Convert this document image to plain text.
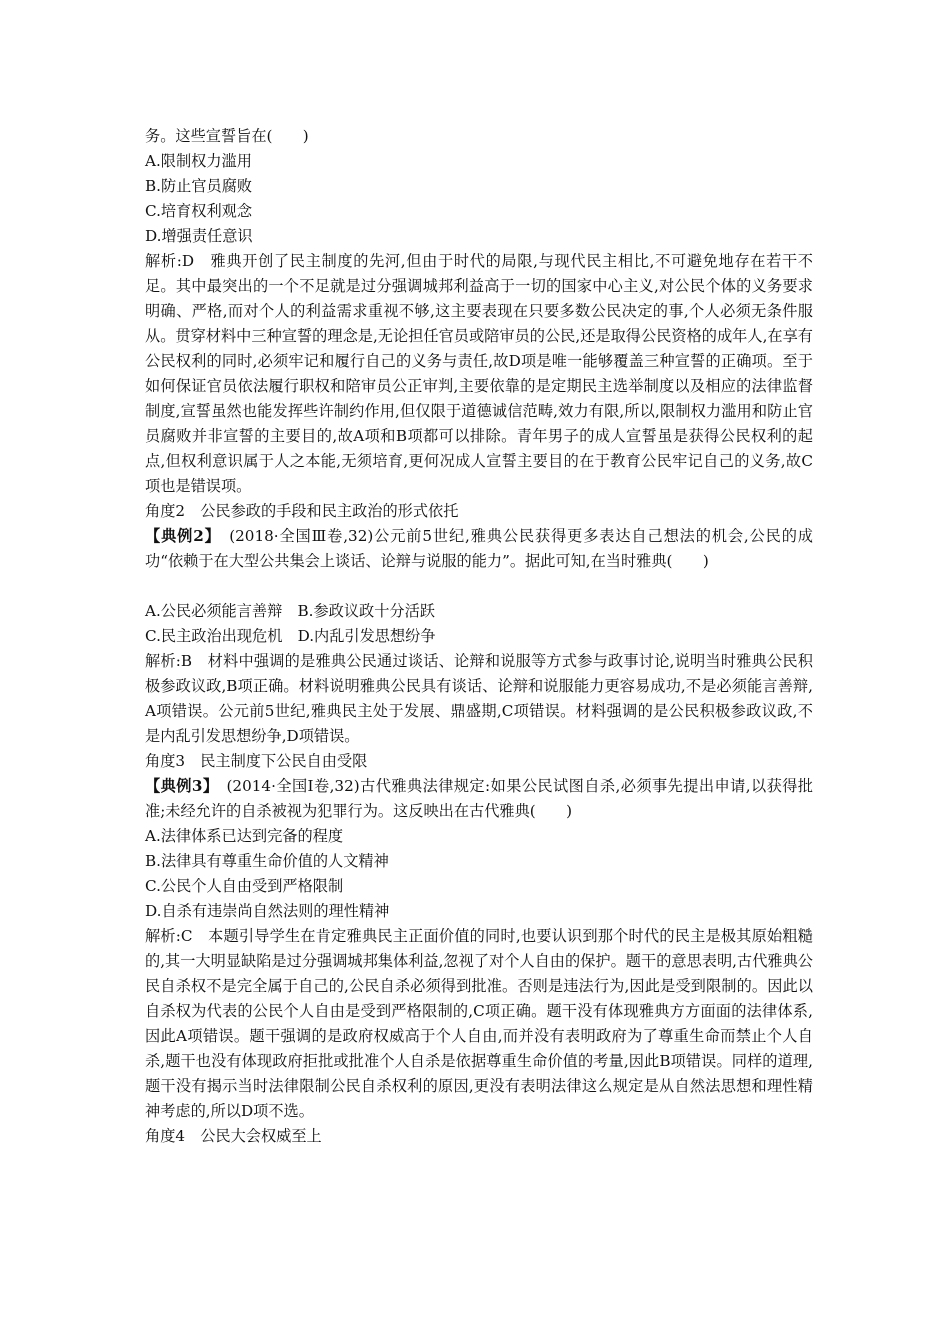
务。这些宣誓旨在(　　)

A.限制权力滥用

B.防止官员腐败

C.培育权利观念

D.增强责任意识

解析:D　雅典开创了民主制度的先河,但由于时代的局限,与现代民主相比,不可避免地存在若干不足。其中最突出的一个不足就是过分强调城邦利益高于一切的国家中心主义,对公民个体的义务要求明确、严格,而对个人的利益需求重视不够,这主要表现在只要多数公民决定的事,个人必须无条件服从。贯穿材料中三种宣誓的理念是,无论担任官员或陪审员的公民,还是取得公民资格的成年人,在享有公民权利的同时,必须牢记和履行自己的义务与责任,故D项是唯一能够覆盖三种宣誓的正确项。至于如何保证官员依法履行职权和陪审员公正审判,主要依靠的是定期民主选举制度以及相应的法律监督制度,宣誓虽然也能发挥些许制约作用,但仅限于道德诚信范畴,效力有限,所以,限制权力滥用和防止官员腐败并非宣誓的主要目的,故A项和B项都可以排除。青年男子的成人宣誓虽是获得公民权利的起点,但权利意识属于人之本能,无须培育,更何况成人宣誓主要目的在于教育公民牢记自己的义务,故C项也是错误项。

角度2　公民参政的手段和民主政治的形式依托

【典例2】　(2018·全国Ⅲ卷,32)公元前5世纪,雅典公民获得更多表达自己想法的机会,公民的成功“依赖于在大型公共集会上谈话、论辩与说服的能力”。据此可知,在当时雅典(　　)

A.公民必须能言善辩　B.参政议政十分活跃

C.民主政治出现危机　D.内乱引发思想纷争

解析:B　材料中强调的是雅典公民通过谈话、论辩和说服等方式参与政事讨论,说明当时雅典公民积极参政议政,B项正确。材料说明雅典公民具有谈话、论辩和说服能力更容易成功,不是必须能言善辩,A项错误。公元前5世纪,雅典民主处于发展、鼎盛期,C项错误。材料强调的是公民积极参政议政,不是内乱引发思想纷争,D项错误。

角度3　民主制度下公民自由受限

【典例3】　(2014·全国Ⅰ卷,32)古代雅典法律规定:如果公民试图自杀,必须事先提出申请,以获得批准;未经允许的自杀被视为犯罪行为。这反映出在古代雅典(　　)

A.法律体系已达到完备的程度

B.法律具有尊重生命价值的人文精神

C.公民个人自由受到严格限制

D.自杀有违崇尚自然法则的理性精神

解析:C　本题引导学生在肯定雅典民主正面价值的同时,也要认识到那个时代的民主是极其原始粗糙的,其一大明显缺陷是过分强调城邦集体利益,忽视了对个人自由的保护。题干的意思表明,古代雅典公民自杀权不是完全属于自己的,公民自杀必须得到批准。否则是违法行为,因此是受到限制的。因此以自杀权为代表的公民个人自由是受到严格限制的,C项正确。题干没有体现雅典方方面面的法律体系,因此A项错误。题干强调的是政府权威高于个人自由,而并没有表明政府为了尊重生命而禁止个人自杀,题干也没有体现政府拒批或批准个人自杀是依据尊重生命价值的考量,因此B项错误。同样的道理,题干没有揭示当时法律限制公民自杀权利的原因,更没有表明法律这么规定是从自然法思想和理性精神考虑的,所以D项不选。

角度4　公民大会权威至上
